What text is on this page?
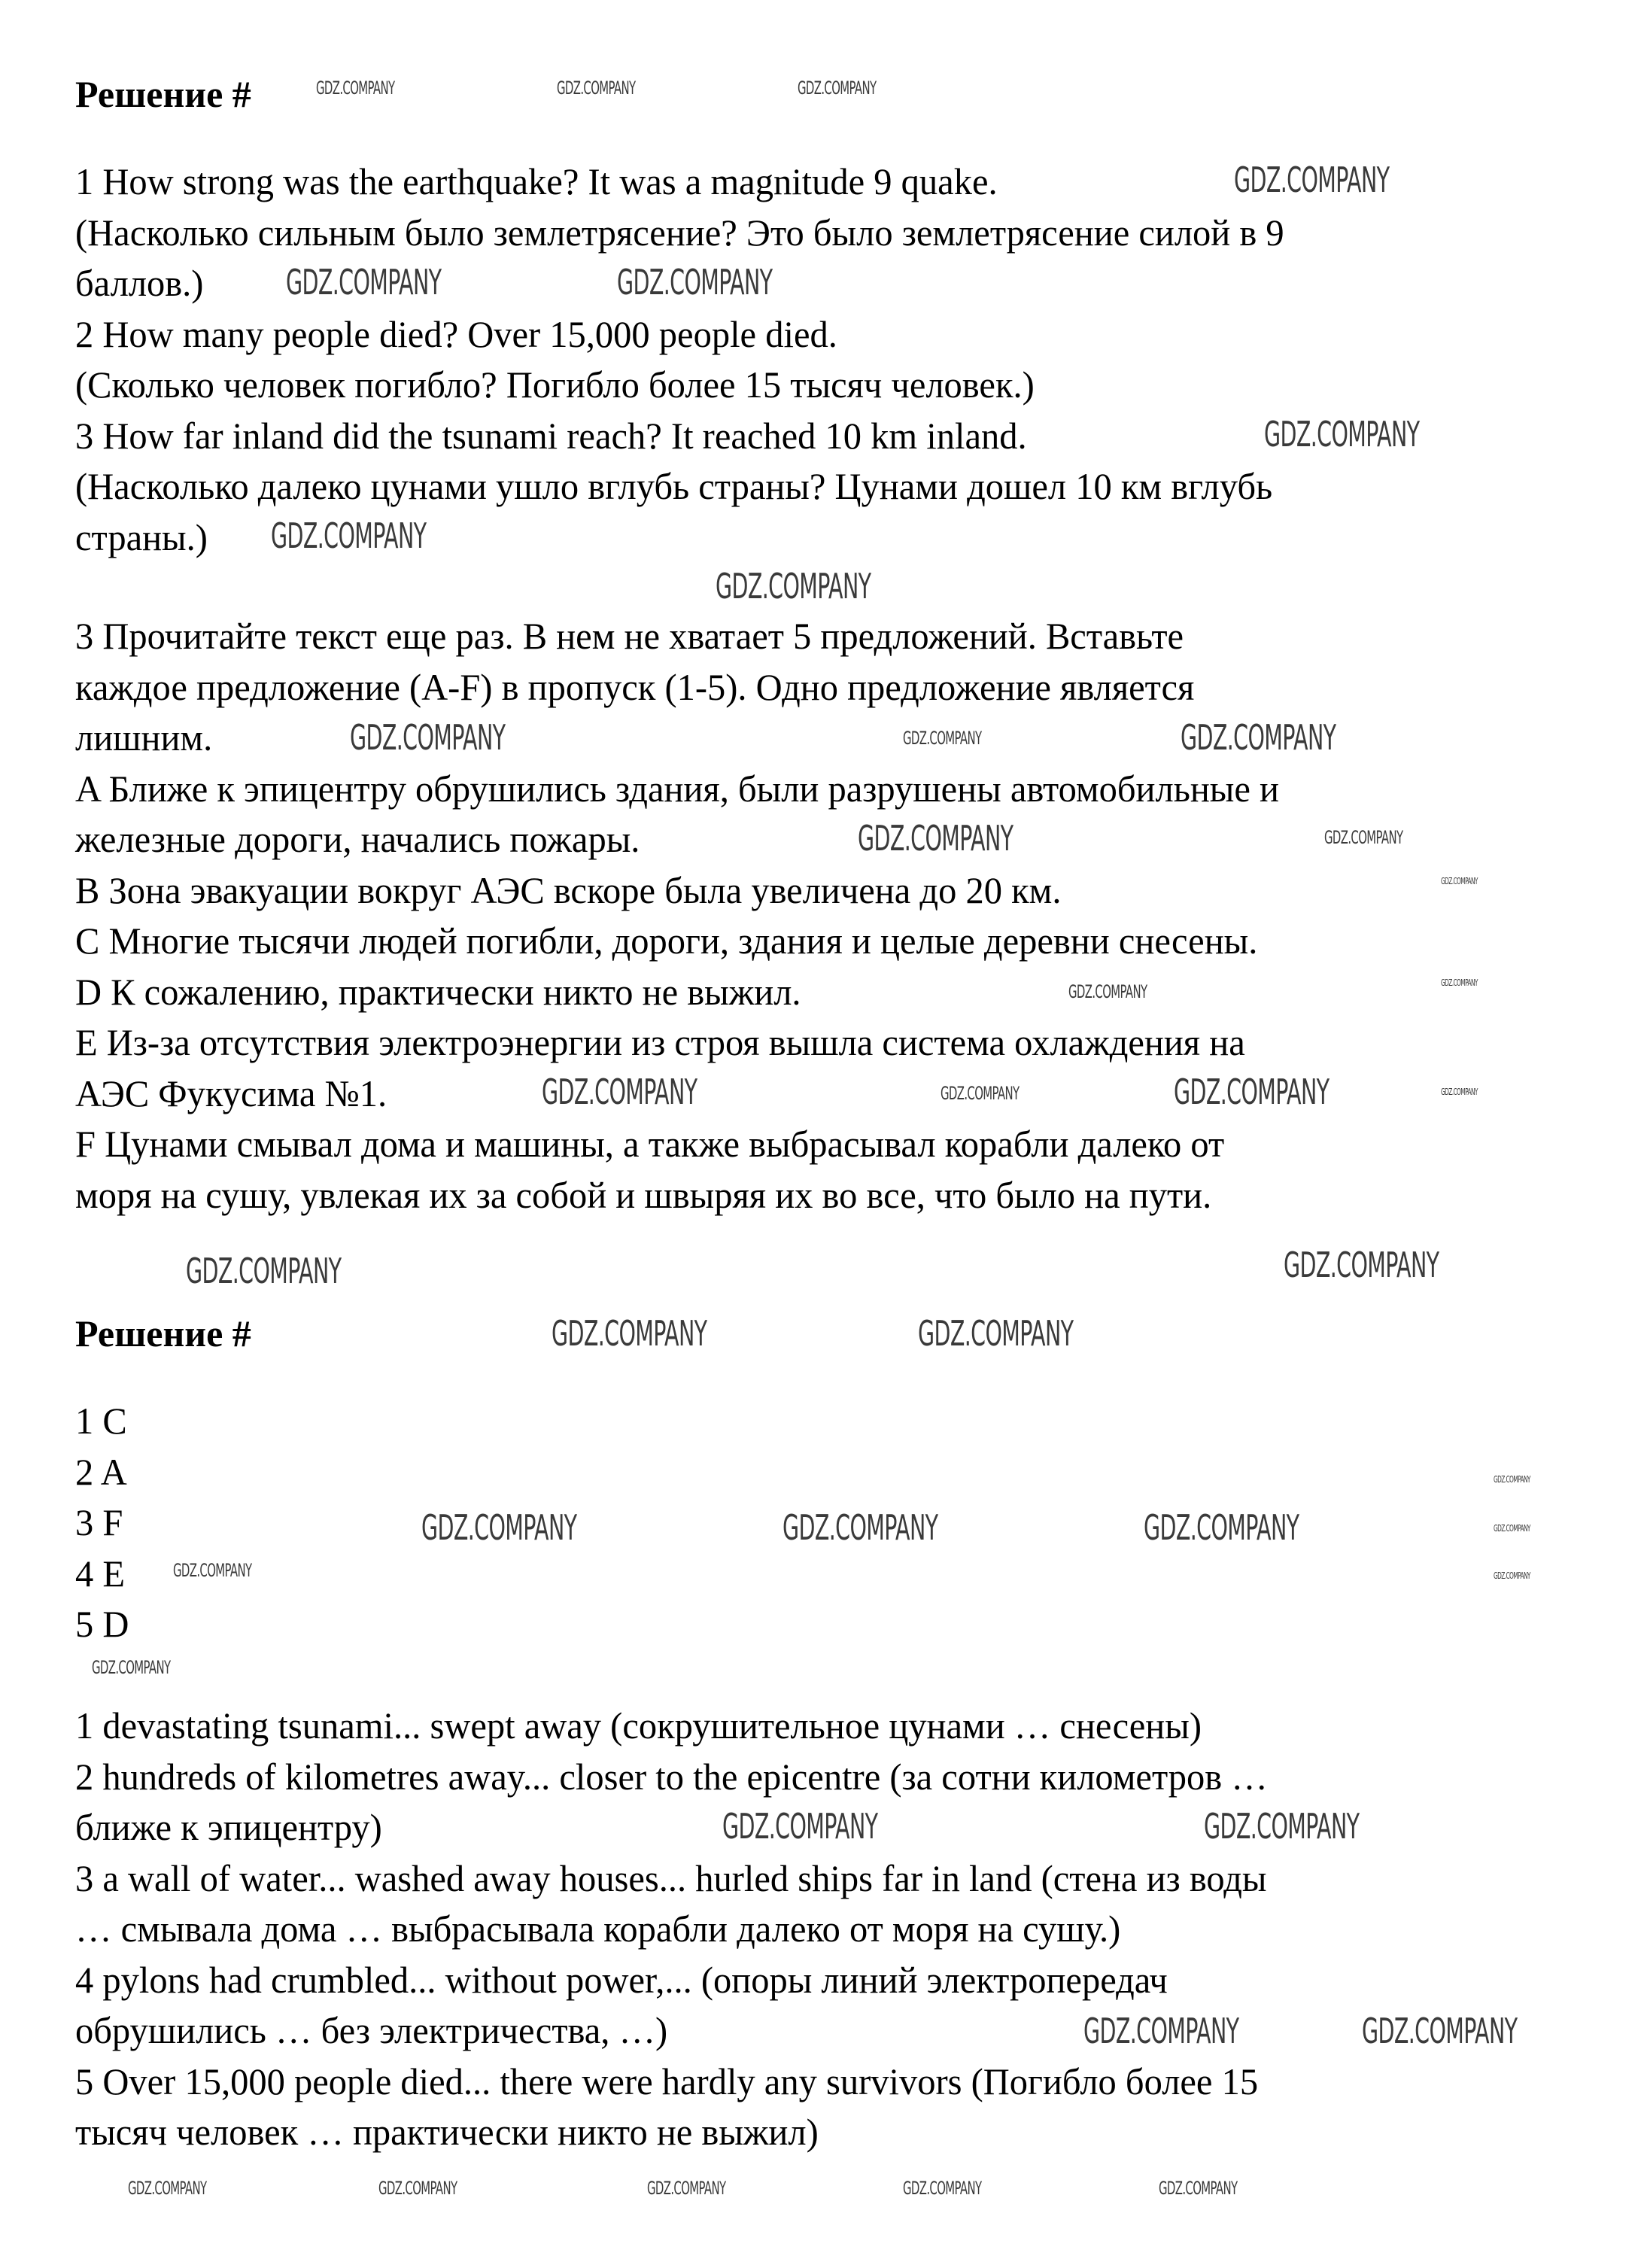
Решение #
1 How strong was the earthquake? It was a magnitude 9 quake.
(Насколько сильным было землетрясение? Это было землетрясение силой в 9
баллов.)
2 How many people died? Over 15,000 people died.
(Сколько человек погибло? Погибло более 15 тысяч человек.)
3 How far inland did the tsunami reach? It reached 10 km inland.
(Насколько далеко цунами ушло вглубь страны? Цунами дошел 10 км вглубь
страны.)
3 Прочитайте текст еще раз. В нем не хватает 5 предложений. Вставьте
каждое предложение (A-F) в пропуск (1-5). Одно предложение является
лишним.
A Ближе к эпицентру обрушились здания, были разрушены автомобильные и
железные дороги, начались пожары.
B Зона эвакуации вокруг АЭС вскоре была увеличена до 20 км.
C Многие тысячи людей погибли, дороги, здания и целые деревни снесены.
D К сожалению, практически никто не выжил.
E Из-за отсутствия электроэнергии из строя вышла система охлаждения на
АЭС Фукусима №1.
F Цунами смывал дома и машины, а также выбрасывал корабли далеко от
моря на сушу, увлекая их за собой и швыряя их во все, что было на пути.
Решение #
1 C
2 A
3 F
4 E
5 D
1 devastating tsunami... swept away (сокрушительное цунами … снесены)
2 hundreds of kilometres away... closer to the epicentre (за сотни километров …
ближе к эпицентру)
3 a wall of water... washed away houses... hurled ships far in land (стена из воды
… смывала дома … выбрасывала корабли далеко от моря на сушу.)
4 pylons had crumbled... without power,... (опоры линий электропередач
обрушились … без электричества, …)
5 Over 15,000 people died... there were hardly any survivors (Погибло более 15
тысяч человек … практически никто не выжил)
GDZ.COMPANY	GDZ.COMPANY	GDZ.COMPANY
GDZ.COMPANY
GDZ.COMPANY	GDZ.COMPANY
GDZ.COMPANY
GDZ.COMPANY
GDZ.COMPANY
GDZ.COMPANY	GDZ.COMPANY
GDZ.COMPANY
GDZ.COMPANY	GDZ.COMPANY
GDZ.COMPANY
GDZ.COMPANY	GDZ.COMPANY
GDZ.COMPANY	GDZ.COMPANY	GDZ.COMPANY	GDZ.COMPANY
GDZ.COMPANY	GDZ.COMPANY
GDZ.COMPANY	GDZ.COMPANY
GDZ.COMPANY	GDZ.COMPANY	GDZ.COMPANY
GDZ.COMPANY
GDZ.COMPANY
GDZ.COMPANY
GDZ.COMPANY
GDZ.COMPANY
GDZ.COMPANY	GDZ.COMPANY
GDZ.COMPANY	GDZ.COMPANY
GDZ.COMPANY	GDZ.COMPANY	GDZ.COMPANY	GDZ.COMPANY	GDZ.COMPANY
